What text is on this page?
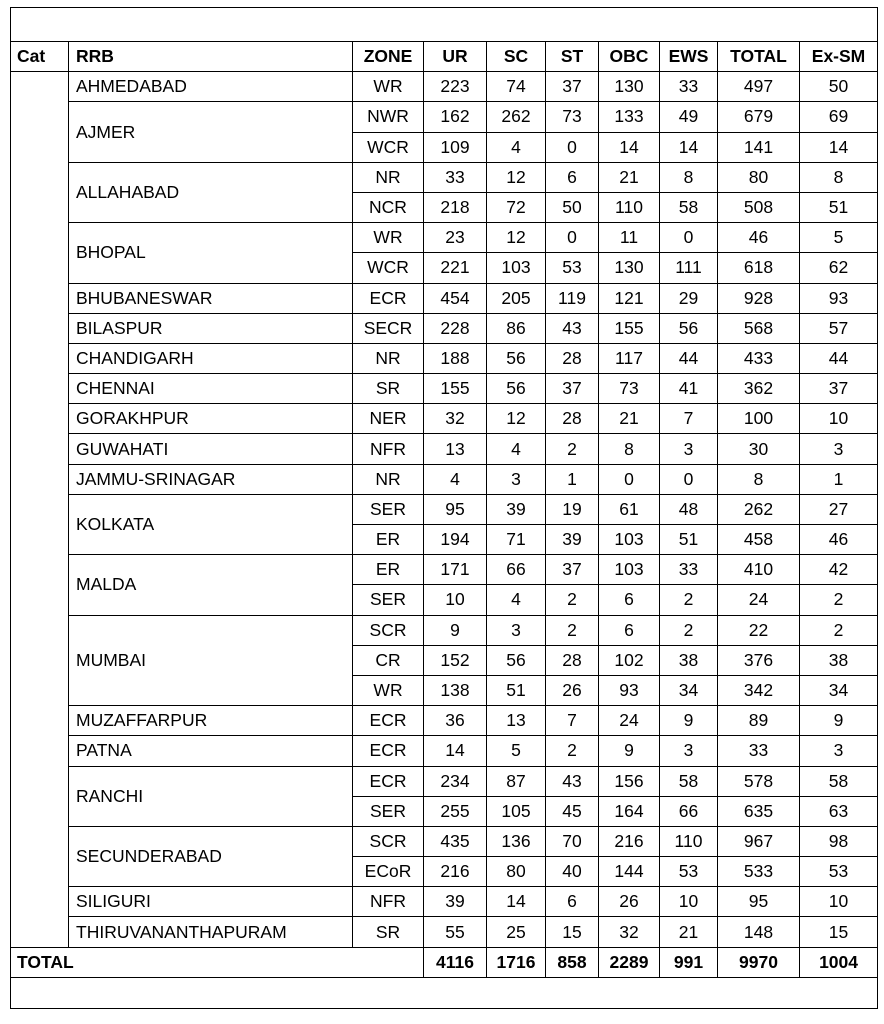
Cat	RRB	ZONE	UR	SC	ST	OBC	EWS	TOTAL	Ex-SM
	AHMEDABAD	WR	223	74	37	130	33	497	50
	AJMER	NWR	162	262	73	133	49	679	69
		WCR	109	4	0	14	14	141	14
	ALLAHABAD	NR	33	12	6	21	8	80	8
		NCR	218	72	50	110	58	508	51
	BHOPAL	WR	23	12	0	11	0	46	5
		WCR	221	103	53	130	111	618	62
	BHUBANESWAR	ECR	454	205	119	121	29	928	93
	BILASPUR	SECR	228	86	43	155	56	568	57
	CHANDIGARH	NR	188	56	28	117	44	433	44
	CHENNAI	SR	155	56	37	73	41	362	37
	GORAKHPUR	NER	32	12	28	21	7	100	10
	GUWAHATI	NFR	13	4	2	8	3	30	3
	JAMMU-SRINAGAR	NR	4	3	1	0	0	8	1
	KOLKATA	SER	95	39	19	61	48	262	27
		ER	194	71	39	103	51	458	46
	MALDA	ER	171	66	37	103	33	410	42
		SER	10	4	2	6	2	24	2
	MUMBAI	SCR	9	3	2	6	2	22	2
		CR	152	56	28	102	38	376	38
		WR	138	51	26	93	34	342	34
	MUZAFFARPUR	ECR	36	13	7	24	9	89	9
	PATNA	ECR	14	5	2	9	3	33	3
	RANCHI	ECR	234	87	43	156	58	578	58
		SER	255	105	45	164	66	635	63
	SECUNDERABAD	SCR	435	136	70	216	110	967	98
		ECoR	216	80	40	144	53	533	53
	SILIGURI	NFR	39	14	6	26	10	95	10
	THIRUVANANTHAPURAM	SR	55	25	15	32	21	148	15
TOTAL			4116	1716	858	2289	991	9970	1004
